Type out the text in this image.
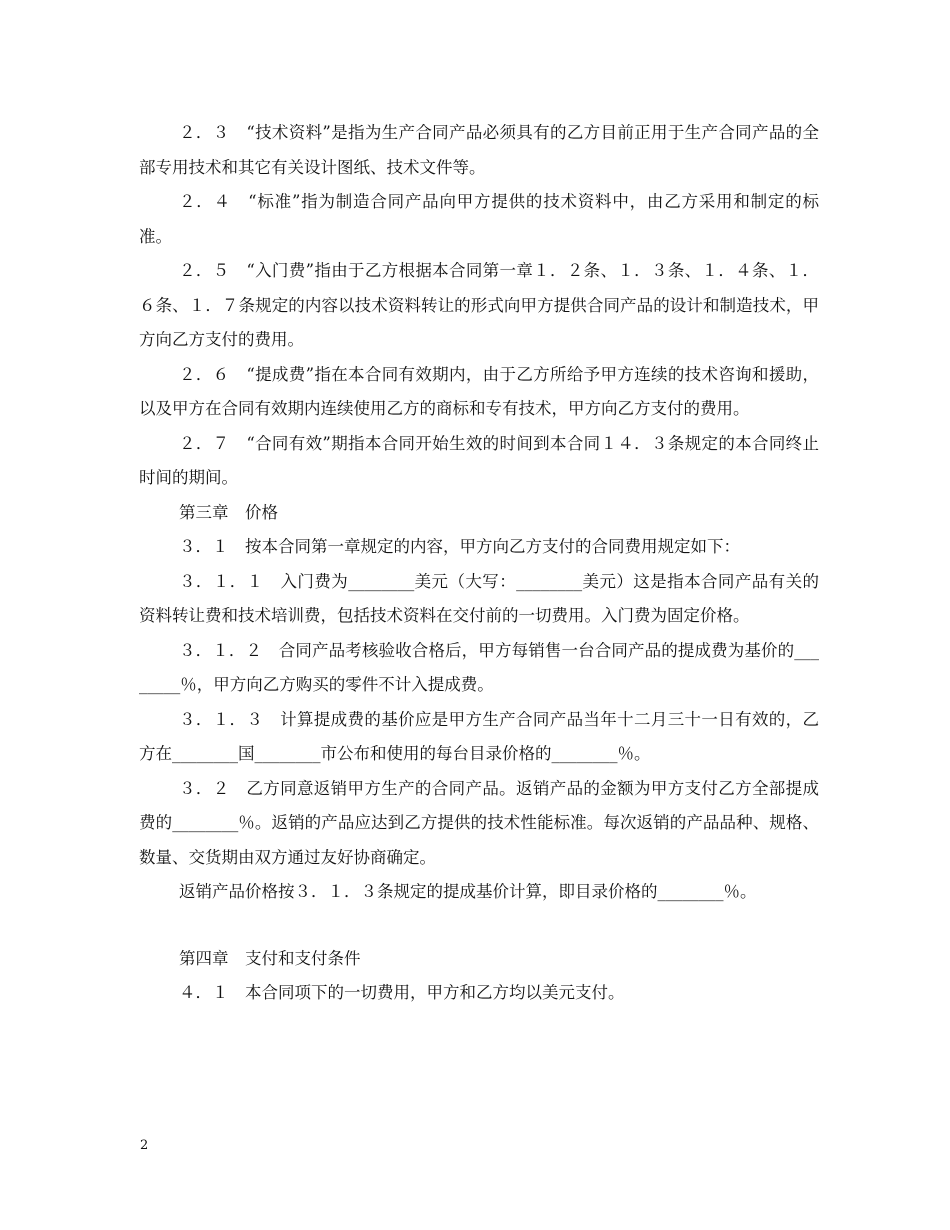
２．３　“技术资料”是指为生产合同产品必须具有的乙方目前正用于生产合同产品的全部专用技术和其它有关设计图纸、技术文件等。

２．４　“标准”指为制造合同产品向甲方提供的技术资料中，由乙方采用和制定的标准。

２．５　“入门费”指由于乙方根据本合同第一章１．２条、１．３条、１．４条、１．６条、１．７条规定的内容以技术资料转让的形式向甲方提供合同产品的设计和制造技术，甲方向乙方支付的费用。

２．６　“提成费”指在本合同有效期内，由于乙方所给予甲方连续的技术咨询和援助，以及甲方在合同有效期内连续使用乙方的商标和专有技术，甲方向乙方支付的费用。

２．７　“合同有效”期指本合同开始生效的时间到本合同１４．３条规定的本合同终止时间的期间。

第三章　价格

３．１　按本合同第一章规定的内容，甲方向乙方支付的合同费用规定如下：

３．１．１　入门费为________美元（大写：________美元）这是指本合同产品有关的资料转让费和技术培训费，包括技术资料在交付前的一切费用。入门费为固定价格。

３．１．２　合同产品考核验收合格后，甲方每销售一台合同产品的提成费为基价的________％，甲方向乙方购买的零件不计入提成费。

３．１．３　计算提成费的基价应是甲方生产合同产品当年十二月三十一日有效的，乙方在________国________市公布和使用的每台目录价格的________％。

３．２　乙方同意返销甲方生产的合同产品。返销产品的金额为甲方支付乙方全部提成费的________％。返销的产品应达到乙方提供的技术性能标准。每次返销的产品品种、规格、数量、交货期由双方通过友好协商确定。

返销产品价格按３．１．３条规定的提成基价计算，即目录价格的________％。

第四章　支付和支付条件

４．１　本合同项下的一切费用，甲方和乙方均以美元支付。

2
